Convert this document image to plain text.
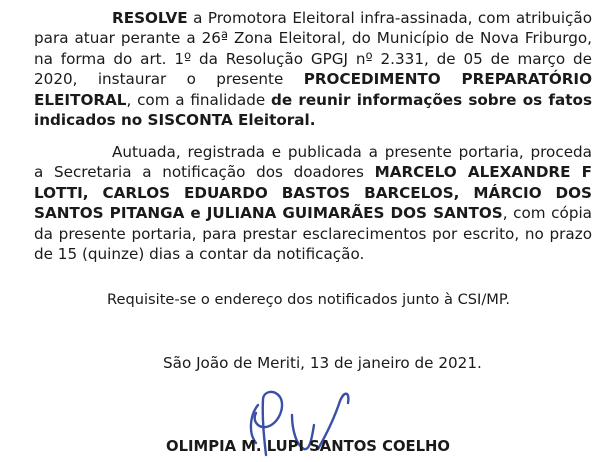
RESOLVE a Promotora Eleitoral infra-assinada, com atribuição para atuar perante a 26ª Zona Eleitoral, do Município de Nova Friburgo, na forma do art. 1º da Resolução GPGJ nº 2.331, de 05 de março de 2020, instaurar o presente PROCEDIMENTO PREPARATÓRIO ELEITORAL, com a finalidade de reunir informações sobre os fatos indicados no SISCONTA Eleitoral.

Autuada, registrada e publicada a presente portaria, proceda a Secretaria a notificação dos doadores MARCELO ALEXANDRE F LOTTI, CARLOS EDUARDO BASTOS BARCELOS, MÁRCIO DOS SANTOS PITANGA e JULIANA GUIMARÃES DOS SANTOS, com cópia da presente portaria, para prestar esclarecimentos por escrito, no prazo de 15 (quinze) dias a contar da notificação.

Requisite-se o endereço dos notificados junto à CSI/MP.
São João de Meriti, 13 de janeiro de 2021.
OLIMPIA M. LUPI SANTOS COELHO
